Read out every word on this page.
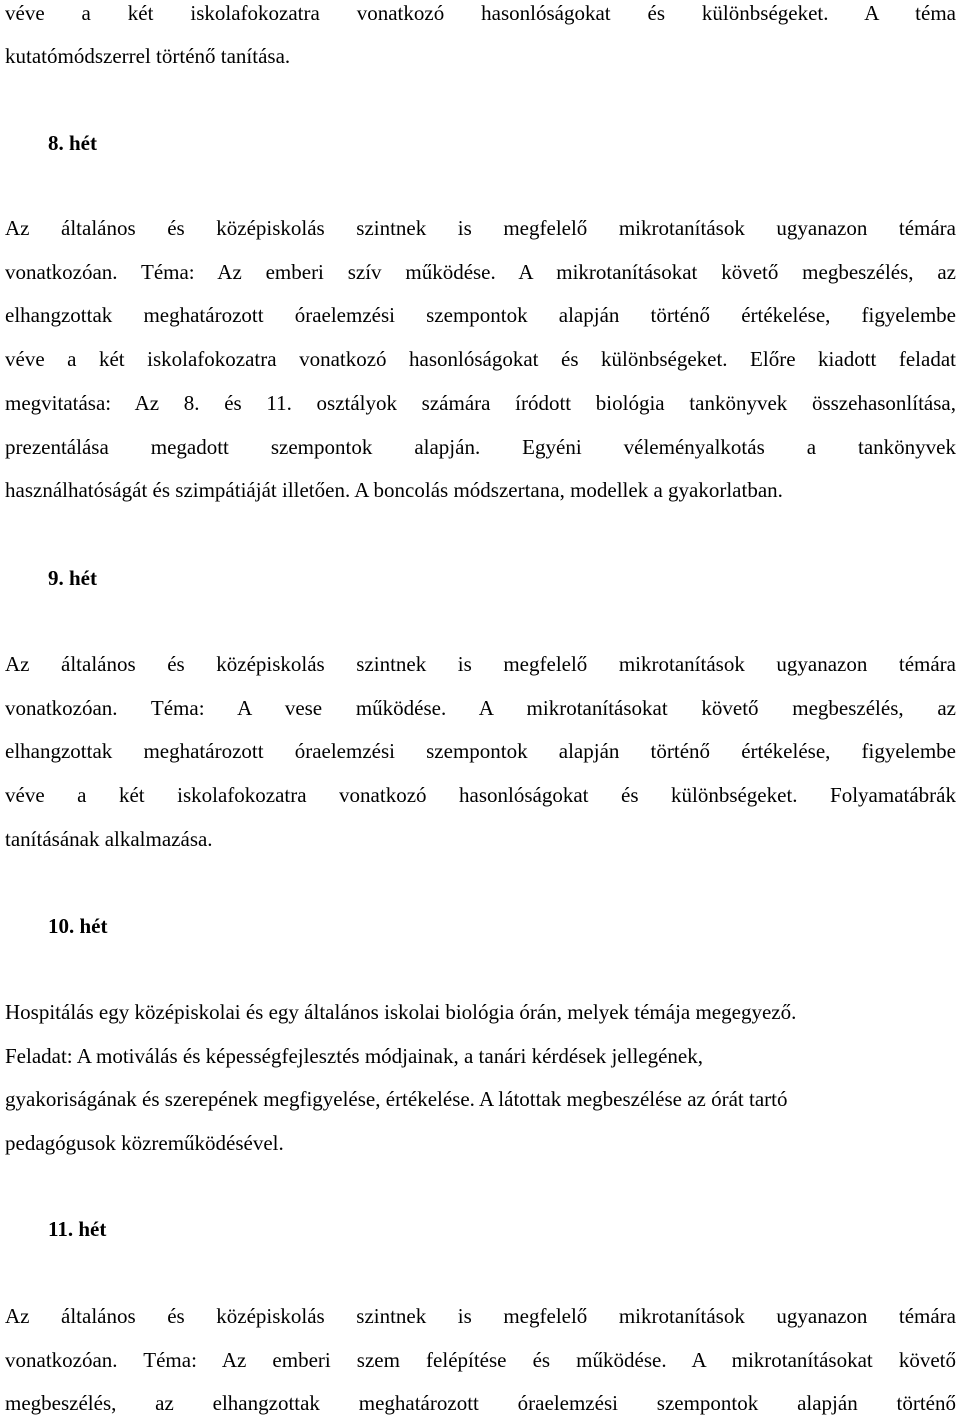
véve a két iskolafokozatra vonatkozó hasonlóságokat és különbségeket. A téma
kutatómódszerrel történő tanítása.
8. hét
Az általános és középiskolás szintnek is megfelelő mikrotanítások ugyanazon témára
vonatkozóan. Téma: Az emberi szív működése. A mikrotanításokat követő megbeszélés, az
elhangzottak meghatározott óraelemzési szempontok alapján történő értékelése, figyelembe
véve a két iskolafokozatra vonatkozó hasonlóságokat és különbségeket. Előre kiadott feladat
megvitatása: Az 8. és 11. osztályok számára íródott biológia tankönyvek összehasonlítása,
prezentálása megadott szempontok alapján. Egyéni véleményalkotás a tankönyvek
használhatóságát és szimpátiáját illetően. A boncolás módszertana, modellek a gyakorlatban.
9. hét
Az általános és középiskolás szintnek is megfelelő mikrotanítások ugyanazon témára
vonatkozóan. Téma: A vese működése. A mikrotanításokat követő megbeszélés, az
elhangzottak meghatározott óraelemzési szempontok alapján történő értékelése, figyelembe
véve a két iskolafokozatra vonatkozó hasonlóságokat és különbségeket. Folyamatábrák
tanításának alkalmazása.
10. hét
Hospitálás egy középiskolai és egy általános iskolai biológia órán, melyek témája megegyező.
Feladat: A motiválás és képességfejlesztés módjainak, a tanári kérdések jellegének,
gyakoriságának és szerepének megfigyelése, értékelése. A látottak megbeszélése az órát tartó
pedagógusok közreműködésével.
11. hét
Az általános és középiskolás szintnek is megfelelő mikrotanítások ugyanazon témára
vonatkozóan. Téma: Az emberi szem felépítése és működése. A mikrotanításokat követő
megbeszélés, az elhangzottak meghatározott óraelemzési szempontok alapján történő
